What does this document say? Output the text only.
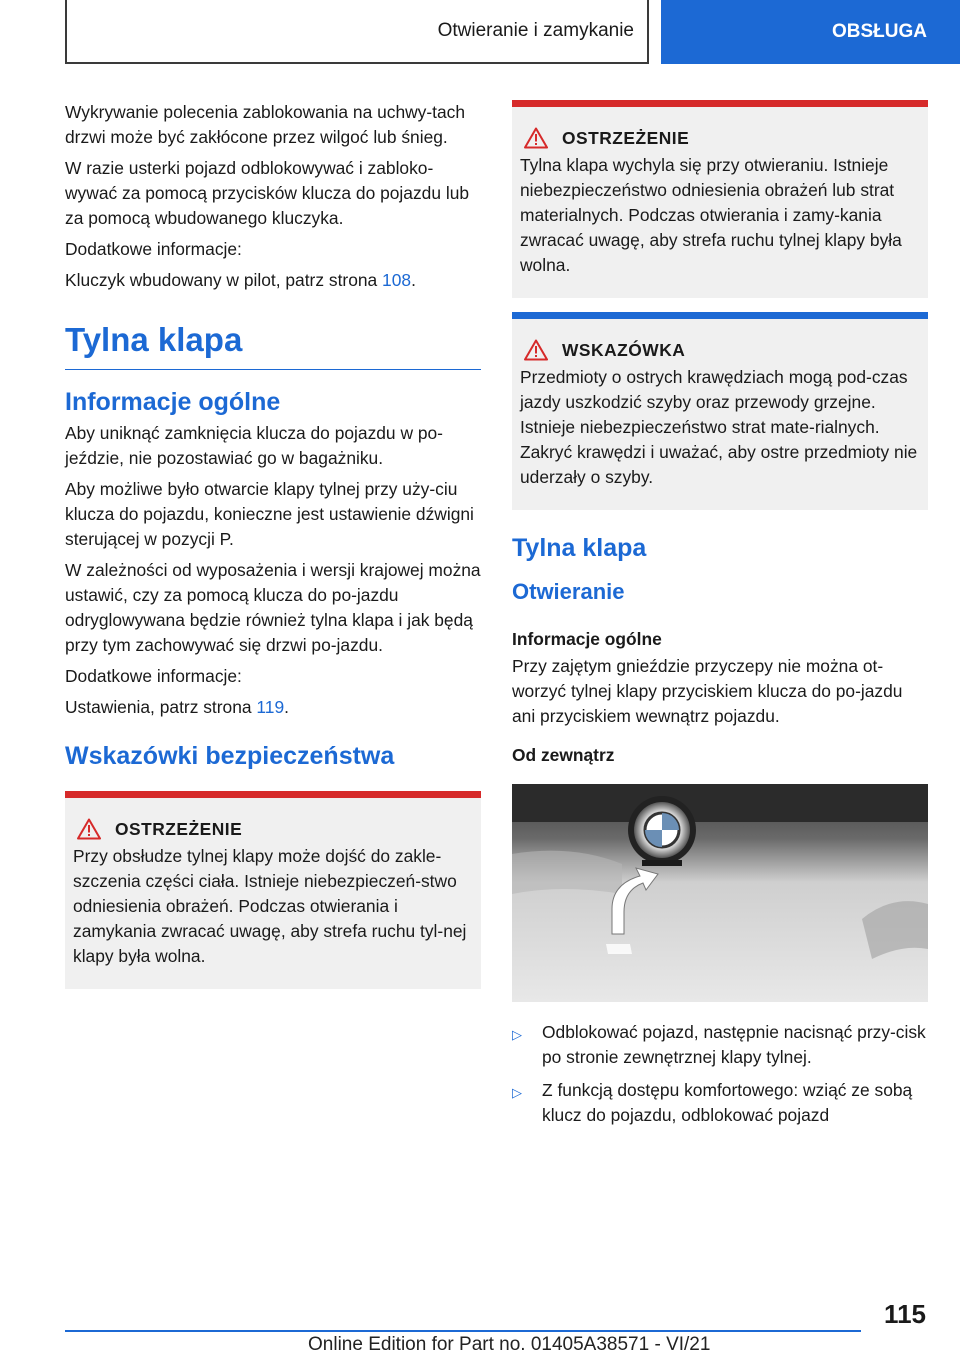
Otwieranie i zamykanie	OBSŁUGA

Wykrywanie polecenia zablokowania na uchwy-tach drzwi może być zakłócone przez wilgoć lub śnieg.

W razie usterki pojazd odblokowywać i zabloko-wywać za pomocą przycisków klucza do pojazdu lub za pomocą wbudowanego kluczyka.

Dodatkowe informacje:

Kluczyk wbudowany w pilot, patrz strona 108.

Tylna klapa
Informacje ogólne

Aby uniknąć zamknięcia klucza do pojazdu w po-jeździe, nie pozostawiać go w bagażniku.

Aby możliwe było otwarcie klapy tylnej przy uży-ciu klucza do pojazdu, konieczne jest ustawienie dźwigni sterującej w pozycji P.

W zależności od wyposażenia i wersji krajowej można ustawić, czy za pomocą klucza do po-jazdu odryglowywana będzie również tylna klapa i jak będą przy tym zachowywać się drzwi po-jazdu.

Dodatkowe informacje:

Ustawienia, patrz strona 119.

Wskazówki bezpieczeństwa
OSTRZEŻENIE

Przy obsłudze tylnej klapy może dojść do zakle-szczenia części ciała. Istnieje niebezpieczeń-stwo odniesienia obrażeń. Podczas otwierania i zamykania zwracać uwagę, aby strefa ruchu tyl-nej klapy była wolna.

OSTRZEŻENIE

Tylna klapa wychyla się przy otwieraniu. Istnieje niebezpieczeństwo odniesienia obrażeń lub strat materialnych. Podczas otwierania i zamy-kania zwracać uwagę, aby strefa ruchu tylnej klapy była wolna.

WSKAZÓWKA

Przedmioty o ostrych krawędziach mogą pod-czas jazdy uszkodzić szyby oraz przewody grzejne. Istnieje niebezpieczeństwo strat mate-rialnych. Zakryć krawędzi i uważać, aby ostre przedmioty nie uderzały o szyby.

Tylna klapa
Otwieranie
Informacje ogólne

Przy zajętym gnieździe przyczepy nie można ot-worzyć tylnej klapy przyciskiem klucza do po-jazdu ani przyciskiem wewnątrz pojazdu.

Od zewnątrz
▷	Odblokować pojazd, następnie nacisnąć przy-cisk po stronie zewnętrznej klapy tylnej.
▷	Z funkcją dostępu komfortowego: wziąć ze sobą klucz do pojazdu, odblokować pojazd
115
Online Edition for Part no. 01405A38571 - VI/21
